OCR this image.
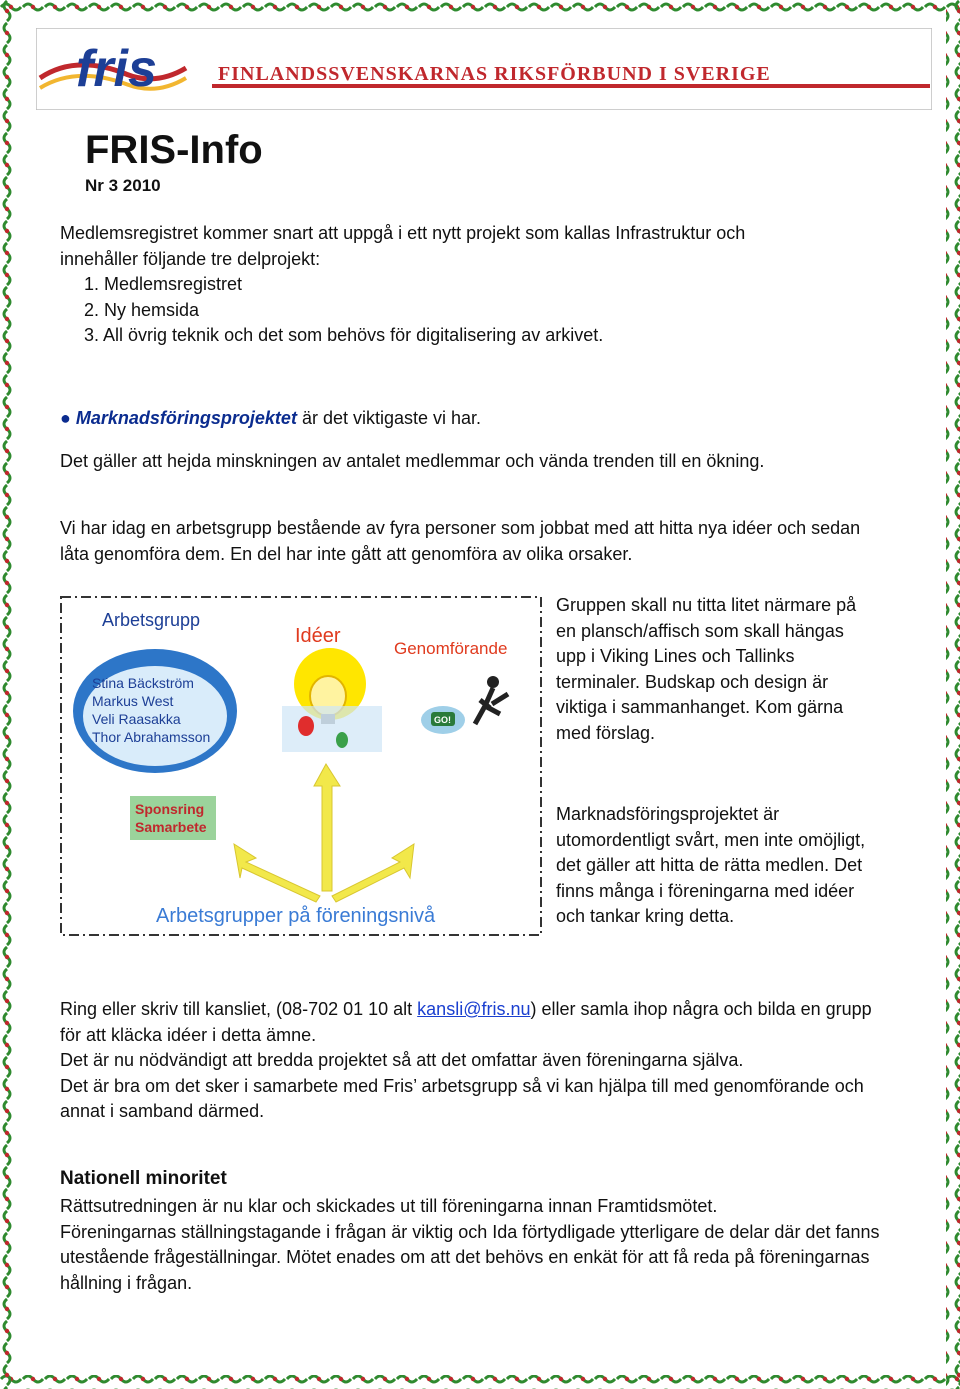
fris	FINLANDSSVENSKARNAS RIKSFÖRBUND I SVERIGE
FRIS-Info
Nr 3 2010

Medlemsregistret kommer snart att uppgå i ett nytt projekt som kallas Infrastruktur och innehåller följande tre delprojekt:

1. Medlemsregistret
2. Ny hemsida
3. All övrig teknik och det som behövs för digitalisering av arkivet.

● Marknadsföringsprojektet är det viktigaste vi har.

Det gäller att hejda minskningen av antalet medlemmar och vända trenden till en ökning.

Vi har idag en arbetsgrupp bestående av fyra personer som jobbat med att hitta nya idéer och sedan låta genomföra dem. En del har inte gått att genomföra av olika orsaker.

Arbetsgrupp
Stina Bäckström
Markus West
Veli Raasakka
Thor Abrahamsson
Idéer
Genomförande
GO!
Sponsring
Samarbete
Arbetsgrupper på föreningsnivå

Gruppen skall nu titta litet närmare på en plansch/affisch som skall hängas upp i Viking Lines och Tallinks terminaler. Budskap och design är viktiga i sammanhanget. Kom gärna med förslag.

Marknadsföringsprojektet är utomordentligt svårt, men inte omöjligt, det gäller att hitta de rätta medlen. Det finns många i föreningarna med idéer och tankar kring detta.

Ring eller skriv till kansliet, (08-702 01 10 alt kansli@fris.nu) eller samla ihop några och bilda en grupp för att kläcka idéer i detta ämne.
Det är nu nödvändigt att bredda projektet så att det omfattar även föreningarna själva.
Det är bra om det sker i samarbete med Fris’ arbetsgrupp så vi kan hjälpa till med genomförande och annat i samband därmed.
Nationell minoritet
Rättsutredningen är nu klar och skickades ut till föreningarna innan Framtidsmötet.
Föreningarnas ställningstagande i frågan är viktig och Ida förtydligade ytterligare de delar där det fanns utestående frågeställningar. Mötet enades om att det behövs en enkät för att få reda på föreningarnas hållning i frågan.
